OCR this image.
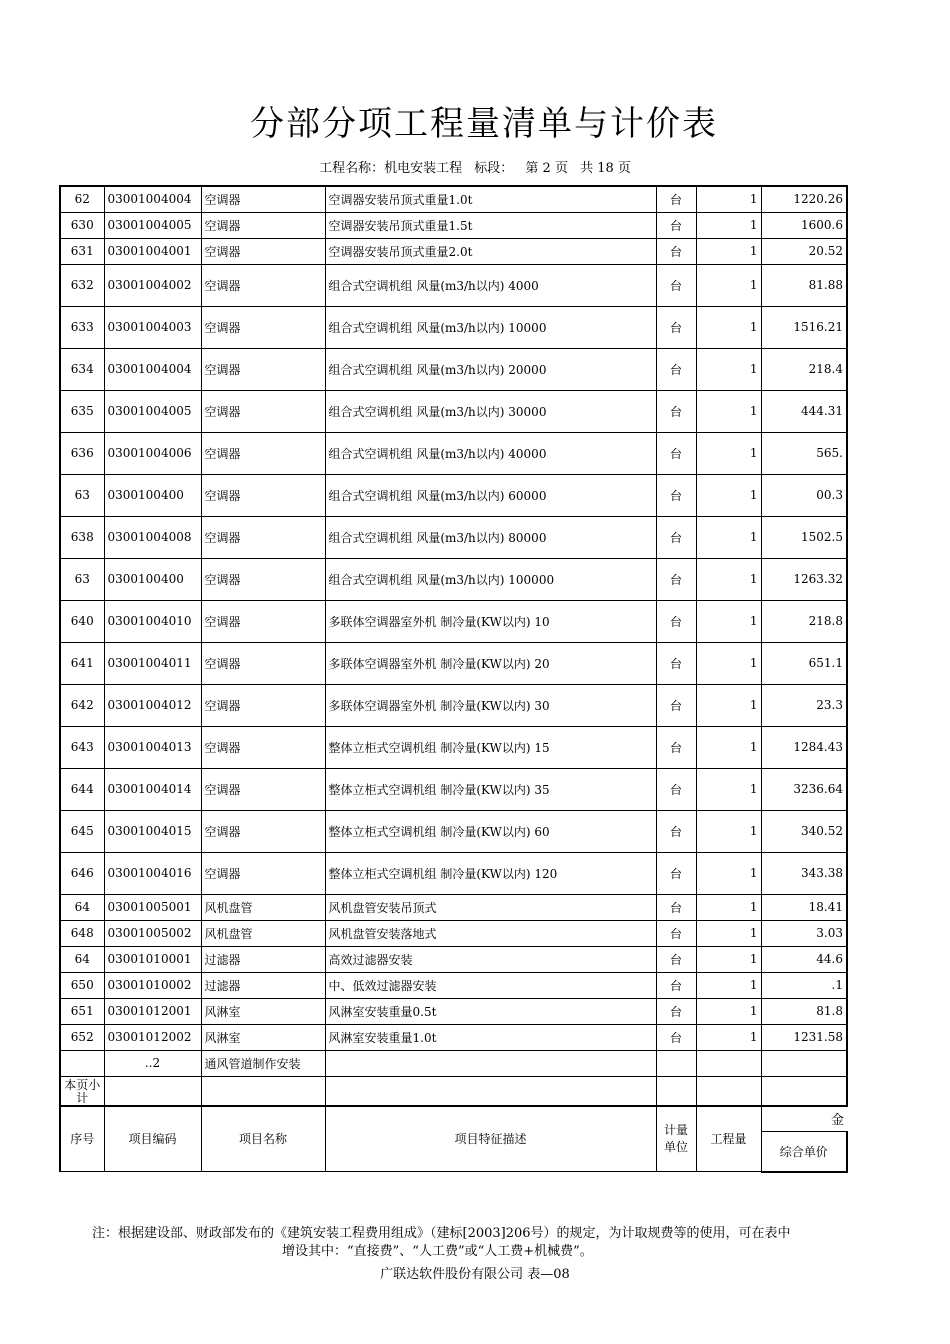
分部分项工程量清单与计价表
工程名称：机电安装工程 标段： 第 2 页 共 18 页
62	03001004004	空调器	空调器安装吊顶式重量1.0t	台	1	1220.26
630	03001004005	空调器	空调器安装吊顶式重量1.5t	台	1	1600.6
631	03001004001	空调器	空调器安装吊顶式重量2.0t	台	1	20.52
632	03001004002	空调器	组合式空调机组 风量(m3/h以内) 4000	台	1	81.88
633	03001004003	空调器	组合式空调机组 风量(m3/h以内) 10000	台	1	1516.21
634	03001004004	空调器	组合式空调机组 风量(m3/h以内) 20000	台	1	218.4
635	03001004005	空调器	组合式空调机组 风量(m3/h以内) 30000	台	1	444.31
636	03001004006	空调器	组合式空调机组 风量(m3/h以内) 40000	台	1	565.
63	0300100400	空调器	组合式空调机组 风量(m3/h以内) 60000	台	1	00.3
638	03001004008	空调器	组合式空调机组 风量(m3/h以内) 80000	台	1	1502.5
63	0300100400	空调器	组合式空调机组 风量(m3/h以内) 100000	台	1	1263.32
640	03001004010	空调器	多联体空调器室外机 制冷量(KW以内) 10	台	1	218.8
641	03001004011	空调器	多联体空调器室外机 制冷量(KW以内) 20	台	1	651.1
642	03001004012	空调器	多联体空调器室外机 制冷量(KW以内) 30	台	1	23.3
643	03001004013	空调器	整体立柜式空调机组 制冷量(KW以内) 15	台	1	1284.43
644	03001004014	空调器	整体立柜式空调机组 制冷量(KW以内) 35	台	1	3236.64
645	03001004015	空调器	整体立柜式空调机组 制冷量(KW以内) 60	台	1	340.52
646	03001004016	空调器	整体立柜式空调机组 制冷量(KW以内) 120	台	1	343.38
64	03001005001	风机盘管	风机盘管安装吊顶式	台	1	18.41
648	03001005002	风机盘管	风机盘管安装落地式	台	1	3.03
64	03001010001	过滤器	高效过滤器安装	台	1	44.6
650	03001010002	过滤器	中、低效过滤器安装	台	1	.1
651	03001012001	风淋室	风淋室安装重量0.5t	台	1	81.8
652	03001012002	风淋室	风淋室安装重量1.0t	台	1	1231.58
	..2	通风管道制作安装				
本页小计						
序号	项目编码	项目名称	项目特征描述	计量单位	工程量	金
						综合单价
注：根据建设部、财政部发布的《建筑安装工程费用组成》（建标[2003]206号）的规定，为计取规费等的使用，可在表中
增设其中：“直接费”、“人工费”或“人工费+机械费”。
广联达软件股份有限公司 表—08
